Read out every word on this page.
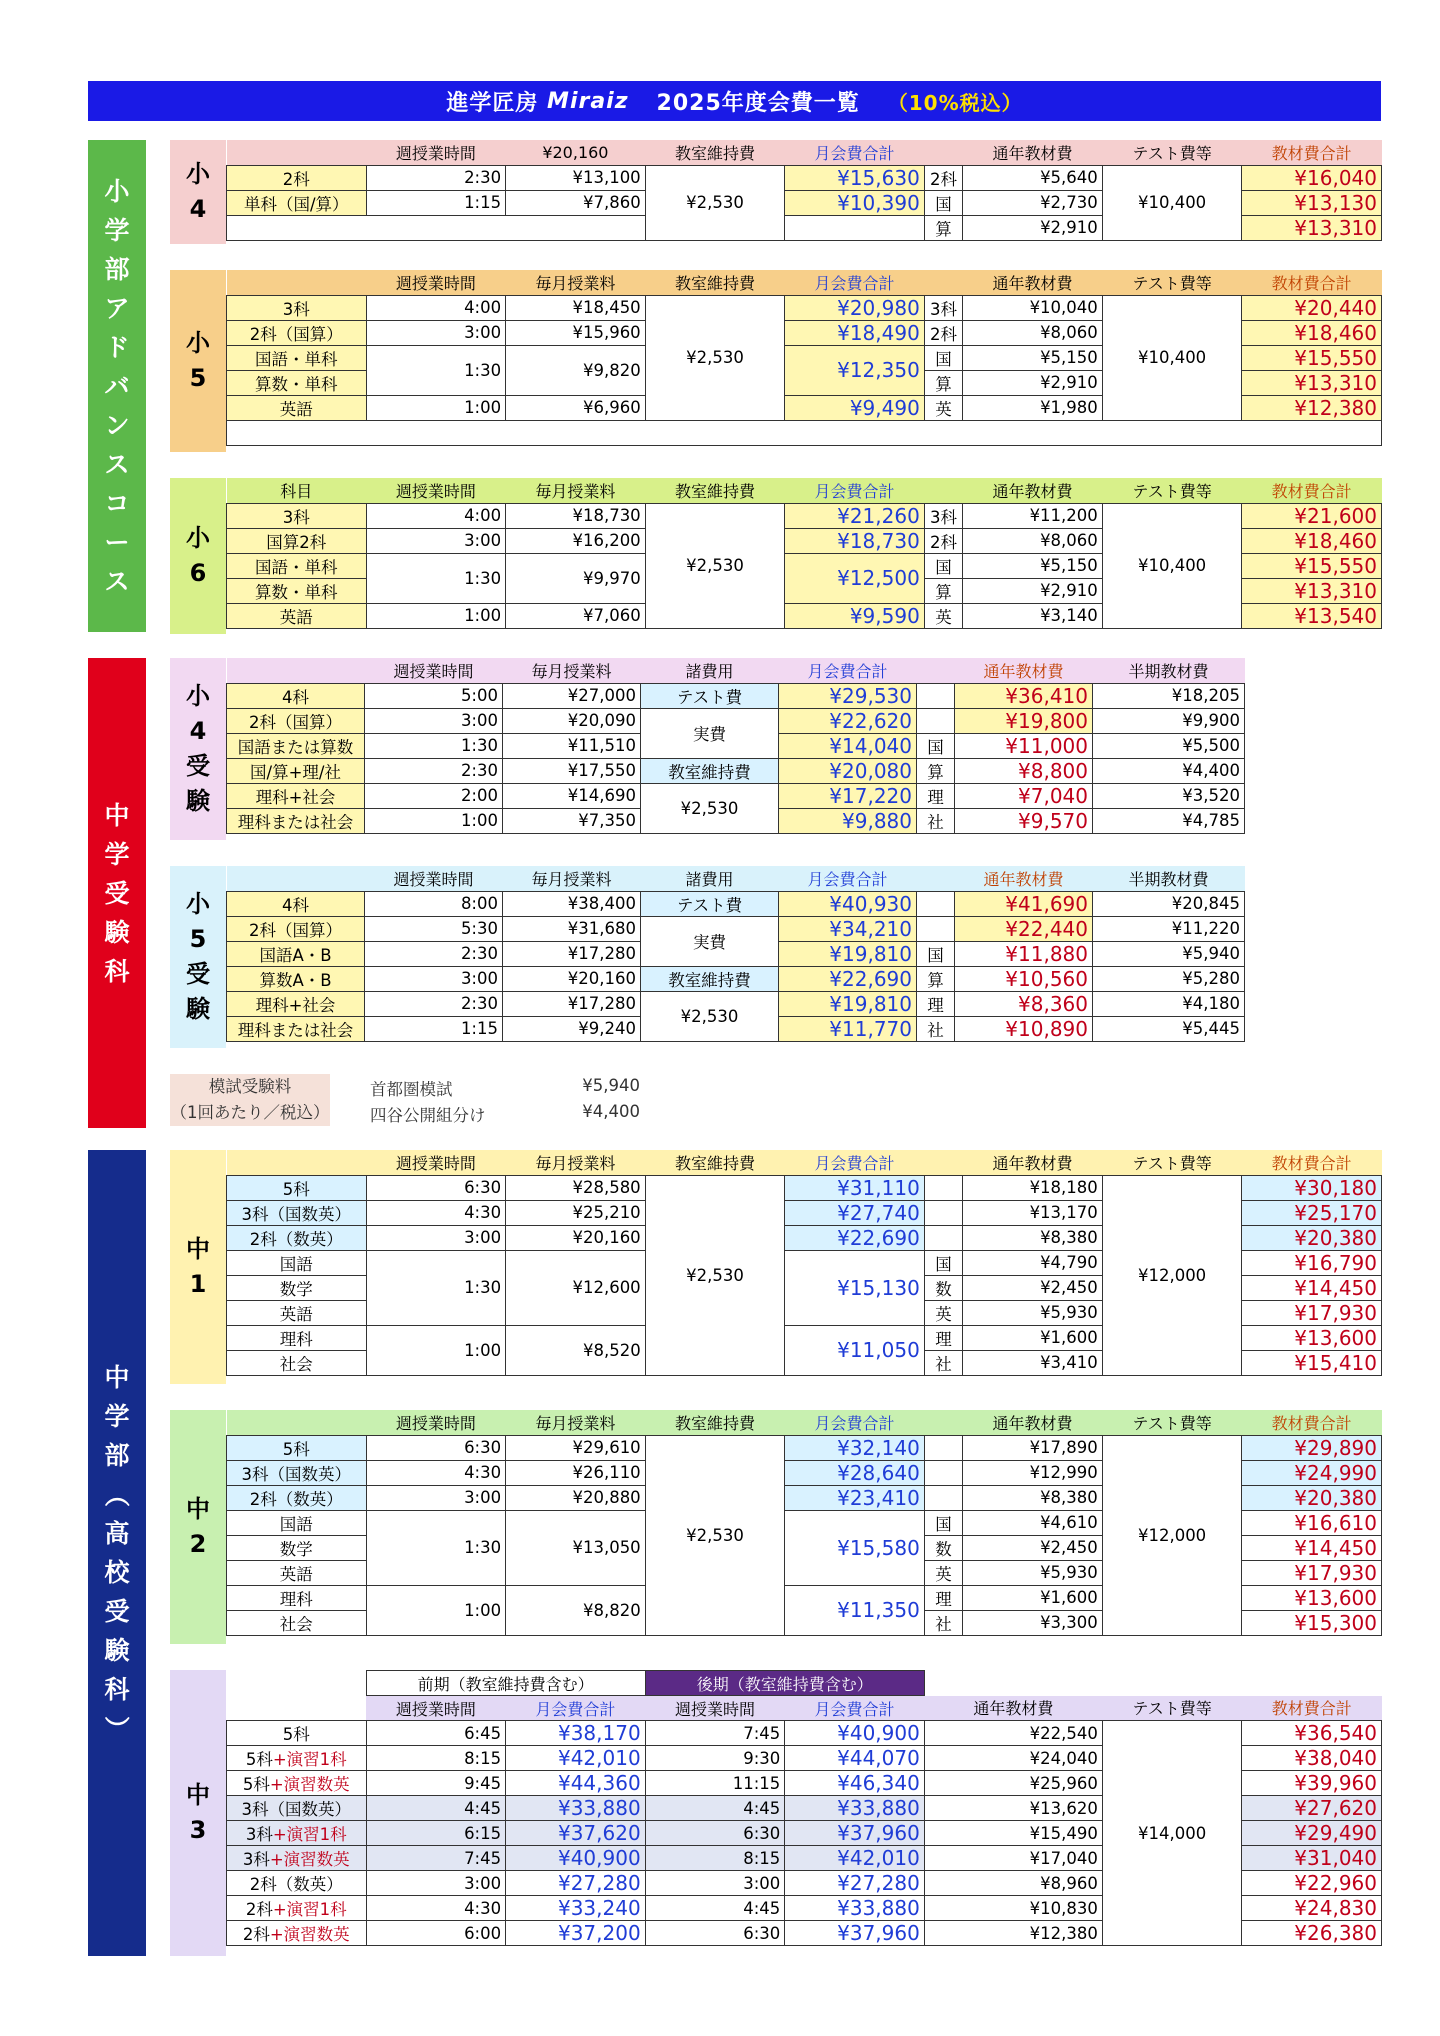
進学匠房
Miraiz 2025年度会費一覧 （10%税込）
小
学
部
ア
ド
バ
ン
ス
コ
ー
ス
中
学
受
験
科
中
学
部
（
高
校
受
験
科
）
小
4
	週授業時間	¥20,160	教室維持費	月会費合計		通年教材費	テスト費等	教材費合計
2科	2:30	¥13,100	¥2,530	¥15,630	2科	¥5,640	¥10,400	¥16,040
単科（国/算）	1:15	¥7,860		¥10,390	国	¥2,730		¥13,130
					算	¥2,910		¥13,310
小
5
	週授業時間	毎月授業料	教室維持費	月会費合計		通年教材費	テスト費等	教材費合計
3科	4:00	¥18,450	¥2,530	¥20,980	3科	¥10,040	¥10,400	¥20,440
2科（国算）	3:00	¥15,960		¥18,490	2科	¥8,060		¥18,460
国語・単科	1:30	¥9,820		¥12,350	国	¥5,150		¥15,550
算数・単科					算	¥2,910		¥13,310
英語	1:00	¥6,960		¥9,490	英	¥1,980		¥12,380

小
6
科目	週授業時間	毎月授業料	教室維持費	月会費合計		通年教材費	テスト費等	教材費合計
3科	4:00	¥18,730	¥2,530	¥21,260	3科	¥11,200	¥10,400	¥21,600
国算2科	3:00	¥16,200		¥18,730	2科	¥8,060		¥18,460
国語・単科	1:30	¥9,970		¥12,500	国	¥5,150		¥15,550
算数・単科					算	¥2,910		¥13,310
英語	1:00	¥7,060		¥9,590	英	¥3,140		¥13,540
小
4
受
験
	週授業時間	毎月授業料	諸費用	月会費合計		通年教材費	半期教材費
4科	5:00	¥27,000	テスト費	¥29,530		¥36,410	¥18,205
2科（国算）	3:00	¥20,090	実費	¥22,620		¥19,800	¥9,900
国語または算数	1:30	¥11,510		¥14,040	国	¥11,000	¥5,500
国/算+理/社	2:30	¥17,550	教室維持費	¥20,080	算	¥8,800	¥4,400
理科+社会	2:00	¥14,690	¥2,530	¥17,220	理	¥7,040	¥3,520
理科または社会	1:00	¥7,350		¥9,880	社	¥9,570	¥4,785
小
5
受
験
	週授業時間	毎月授業料	諸費用	月会費合計		通年教材費	半期教材費
4科	8:00	¥38,400	テスト費	¥40,930		¥41,690	¥20,845
2科（国算）	5:30	¥31,680	実費	¥34,210		¥22,440	¥11,220
国語A・B	2:30	¥17,280		¥19,810	国	¥11,880	¥5,940
算数A・B	3:00	¥20,160	教室維持費	¥22,690	算	¥10,560	¥5,280
理科+社会	2:30	¥17,280	¥2,530	¥19,810	理	¥8,360	¥4,180
理科または社会	1:15	¥9,240		¥11,770	社	¥10,890	¥5,445
模試受験料
（1回あたり／税込）
首都圏模試	¥5,940
四谷公開組分け	¥4,400
中
1
	週授業時間	毎月授業料	教室維持費	月会費合計		通年教材費	テスト費等	教材費合計
5科	6:30	¥28,580	¥2,530	¥31,110		¥18,180	¥12,000	¥30,180
3科（国数英）	4:30	¥25,210		¥27,740		¥13,170		¥25,170
2科（数英）	3:00	¥20,160		¥22,690		¥8,380		¥20,380
国語	1:30	¥12,600		¥15,130	国	¥4,790		¥16,790
数学					数	¥2,450		¥14,450
英語					英	¥5,930		¥17,930
理科	1:00	¥8,520		¥11,050	理	¥1,600		¥13,600
社会					社	¥3,410		¥15,410
中
2
	週授業時間	毎月授業料	教室維持費	月会費合計		通年教材費	テスト費等	教材費合計
5科	6:30	¥29,610	¥2,530	¥32,140		¥17,890	¥12,000	¥29,890
3科（国数英）	4:30	¥26,110		¥28,640		¥12,990		¥24,990
2科（数英）	3:00	¥20,880		¥23,410		¥8,380		¥20,380
国語	1:30	¥13,050		¥15,580	国	¥4,610		¥16,610
数学					数	¥2,450		¥14,450
英語					英	¥5,930		¥17,930
理科	1:00	¥8,820		¥11,350	理	¥1,600		¥13,600
社会					社	¥3,300		¥15,300
中
3
	前期（教室維持費含む）		後期（教室維持費含む）				
	週授業時間	月会費合計	週授業時間	月会費合計	通年教材費	テスト費等	教材費合計
5科	6:45	¥38,170	7:45	¥40,900	¥22,540	¥14,000	¥36,540
5科+演習1科	8:15	¥42,010	9:30	¥44,070	¥24,040		¥38,040
5科+演習数英	9:45	¥44,360	11:15	¥46,340	¥25,960		¥39,960
3科（国数英）	4:45	¥33,880	4:45	¥33,880	¥13,620		¥27,620
3科+演習1科	6:15	¥37,620	6:30	¥37,960	¥15,490		¥29,490
3科+演習数英	7:45	¥40,900	8:15	¥42,010	¥17,040		¥31,040
2科（数英）	3:00	¥27,280	3:00	¥27,280	¥8,960		¥22,960
2科+演習1科	4:30	¥33,240	4:45	¥33,880	¥10,830		¥24,830
2科+演習数英	6:00	¥37,200	6:30	¥37,960	¥12,380		¥26,380
